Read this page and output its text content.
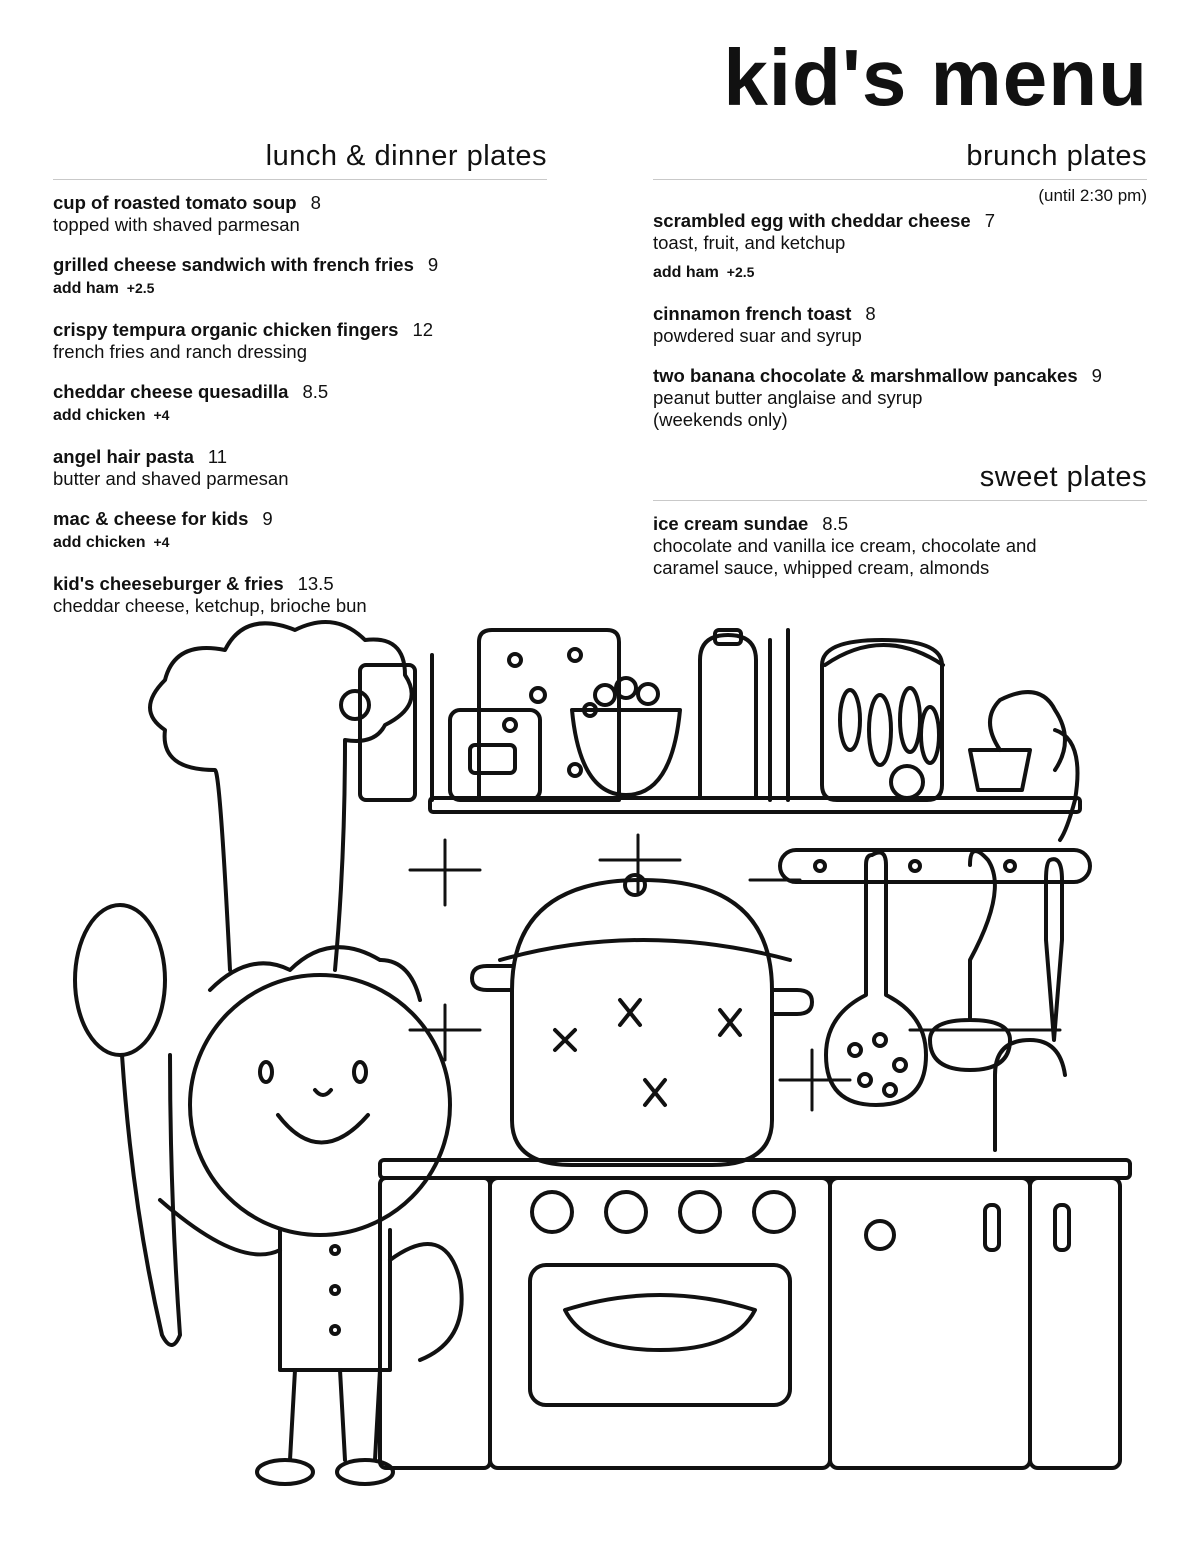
kid's menu
lunch & dinner plates
cup of roasted tomato soup 8
topped with shaved parmesan
grilled cheese sandwich with french fries 9
add ham +2.5
crispy tempura organic chicken fingers 12
french fries and ranch dressing
cheddar cheese quesadilla 8.5
add chicken +4
angel hair pasta 11
butter and shaved parmesan
mac & cheese for kids 9
add chicken +4
kid's cheeseburger & fries 13.5
cheddar cheese, ketchup, brioche bun
brunch plates
(until 2:30 pm)
scrambled egg with cheddar cheese 7
toast, fruit, and ketchup
add ham +2.5
cinnamon french toast 8
powdered suar and syrup
two banana chocolate & marshmallow pancakes 9
peanut butter anglaise and syrup
(weekends only)
sweet plates
ice cream sundae 8.5
chocolate and vanilla ice cream, chocolate and
caramel sauce, whipped cream, almonds
